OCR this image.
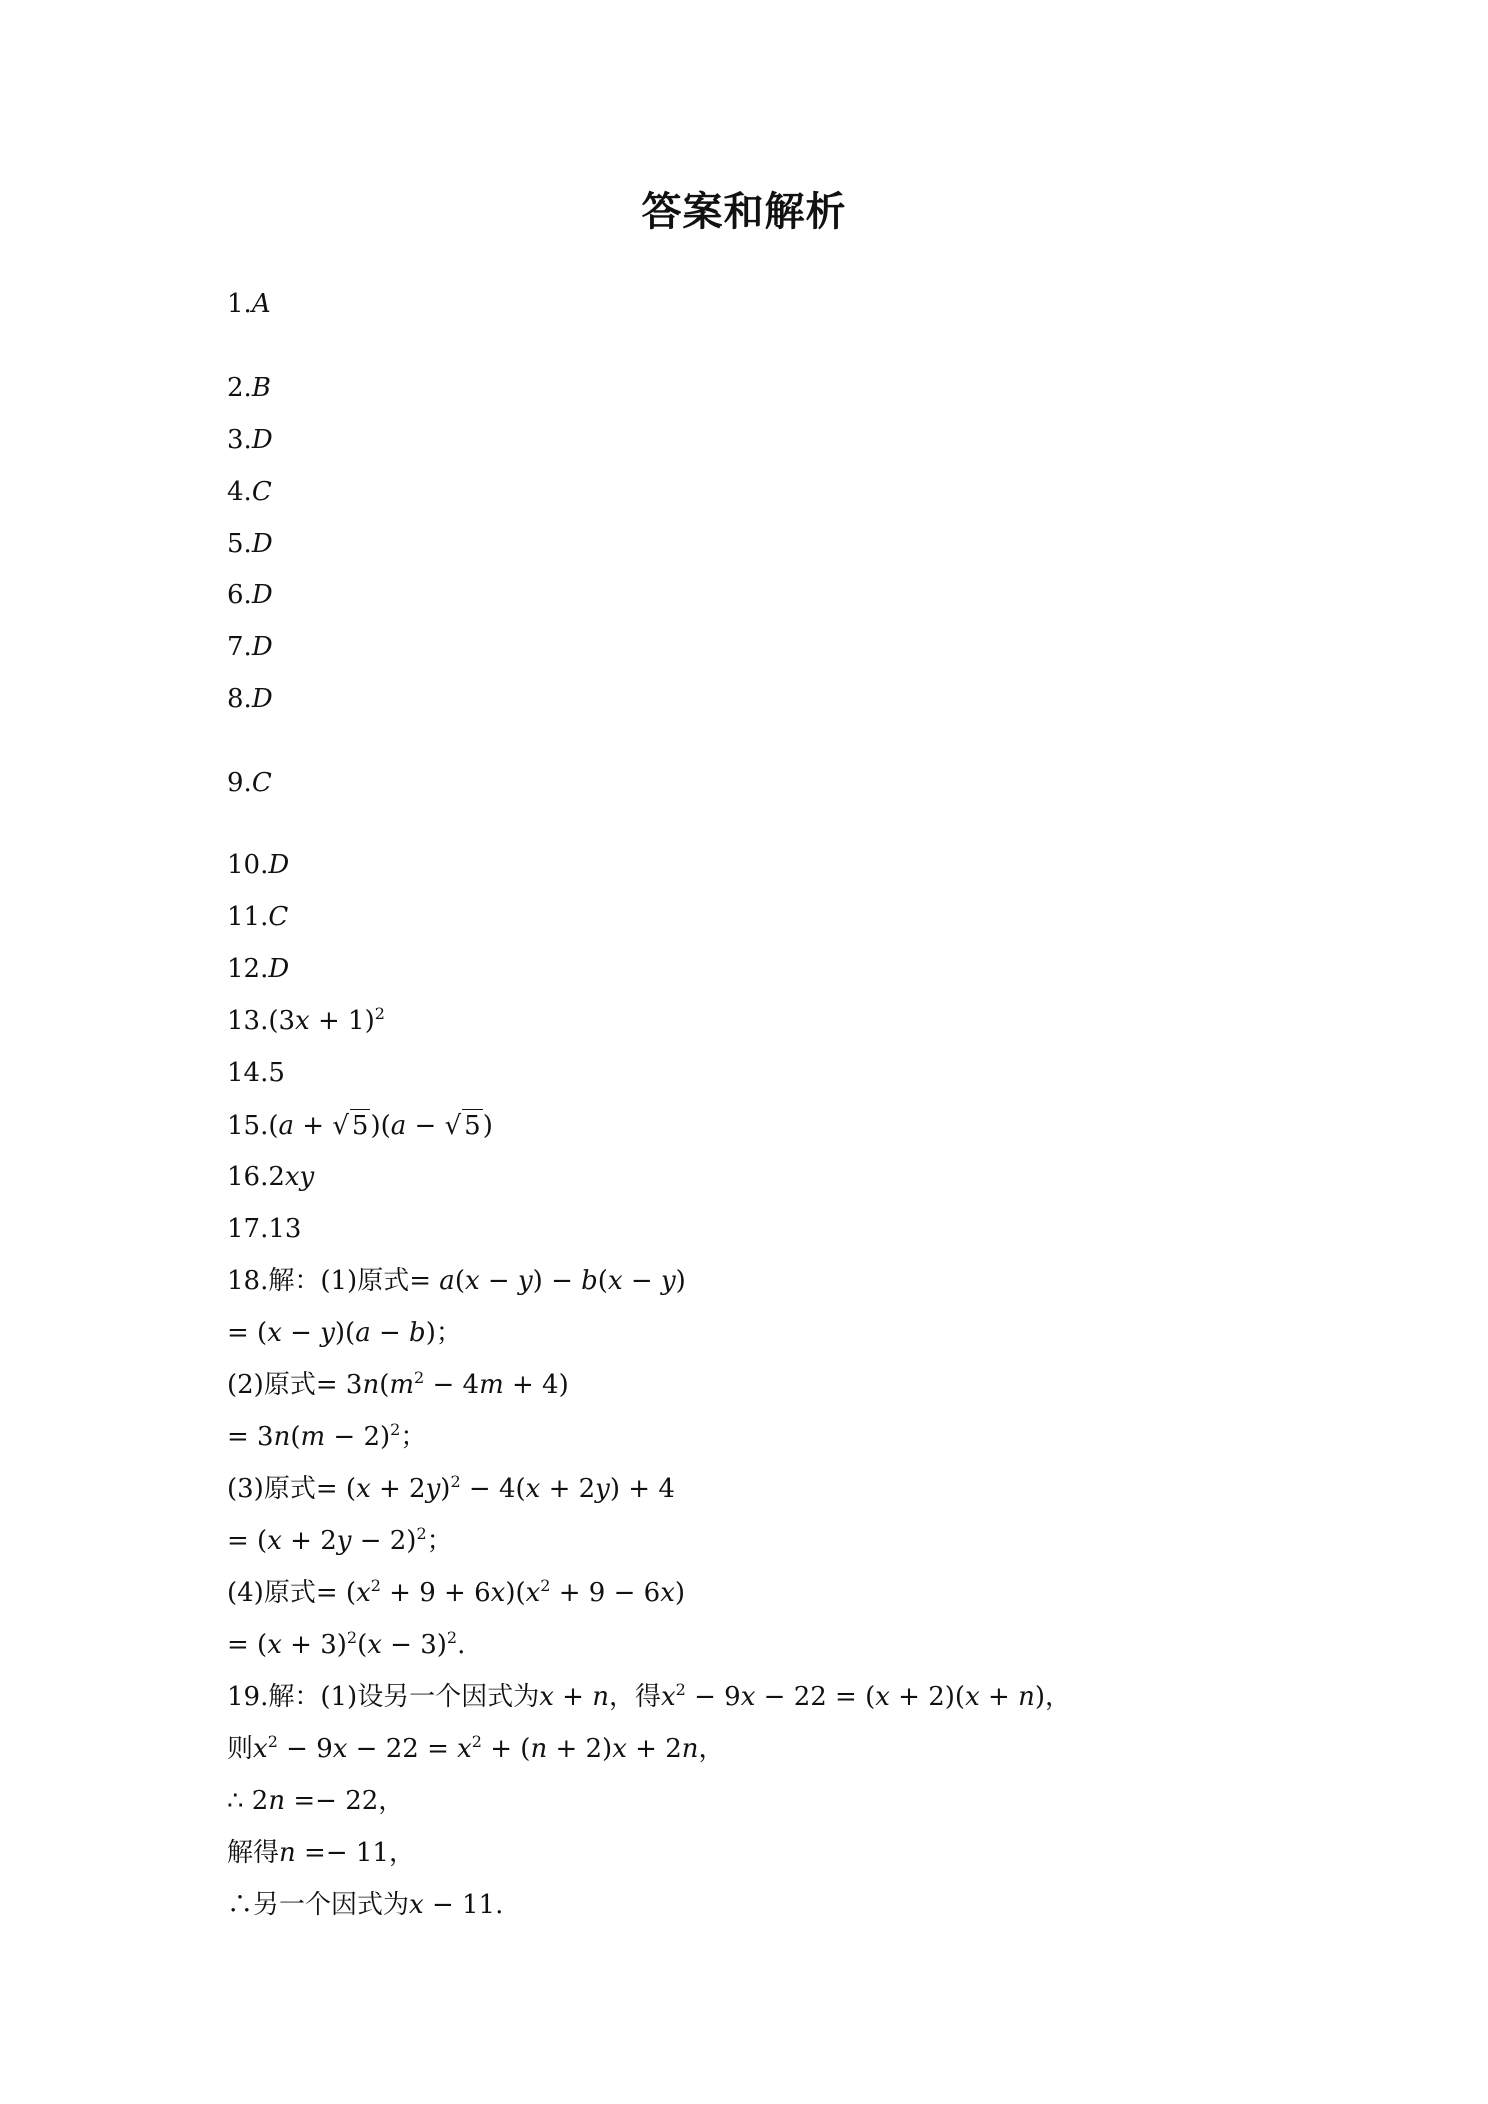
答案和解析
1.A
2.B
3.D
4.C
5.D
6.D
7.D
8.D
9.C
10.D
11.C
12.D
$13.(3x + 1)^2$
14.5
15.(a + √ 5)(a − √ 5)
16.2xy
17.13
18.解：(1)原式= a(x − y) − b(x − y)
= (x − y)(a − b)；
(2)原式= $3n(m^2 - 4m + 4)$
= $3n(m - 2)^2$；
(3)原式= $(x + 2y)^2 - 4(x + 2y) + 4$
= $(x + 2y - 2)^2$；
(4)原式= $(x^2 + 9 + 6x)(x^2 + 9 - 6x)$
= $(x + 3)^2(x - 3)^2$.
19.解：(1)设另一个因式为x + n，得$x^2 - 9x - 22 = (x + 2)(x + n)$，
则$x^2 - 9x - 22 = x^2 + (n + 2)x + 2n$，
∴ 2n =− 22，
解得n =− 11，
∴另一个因式为x − 11.
